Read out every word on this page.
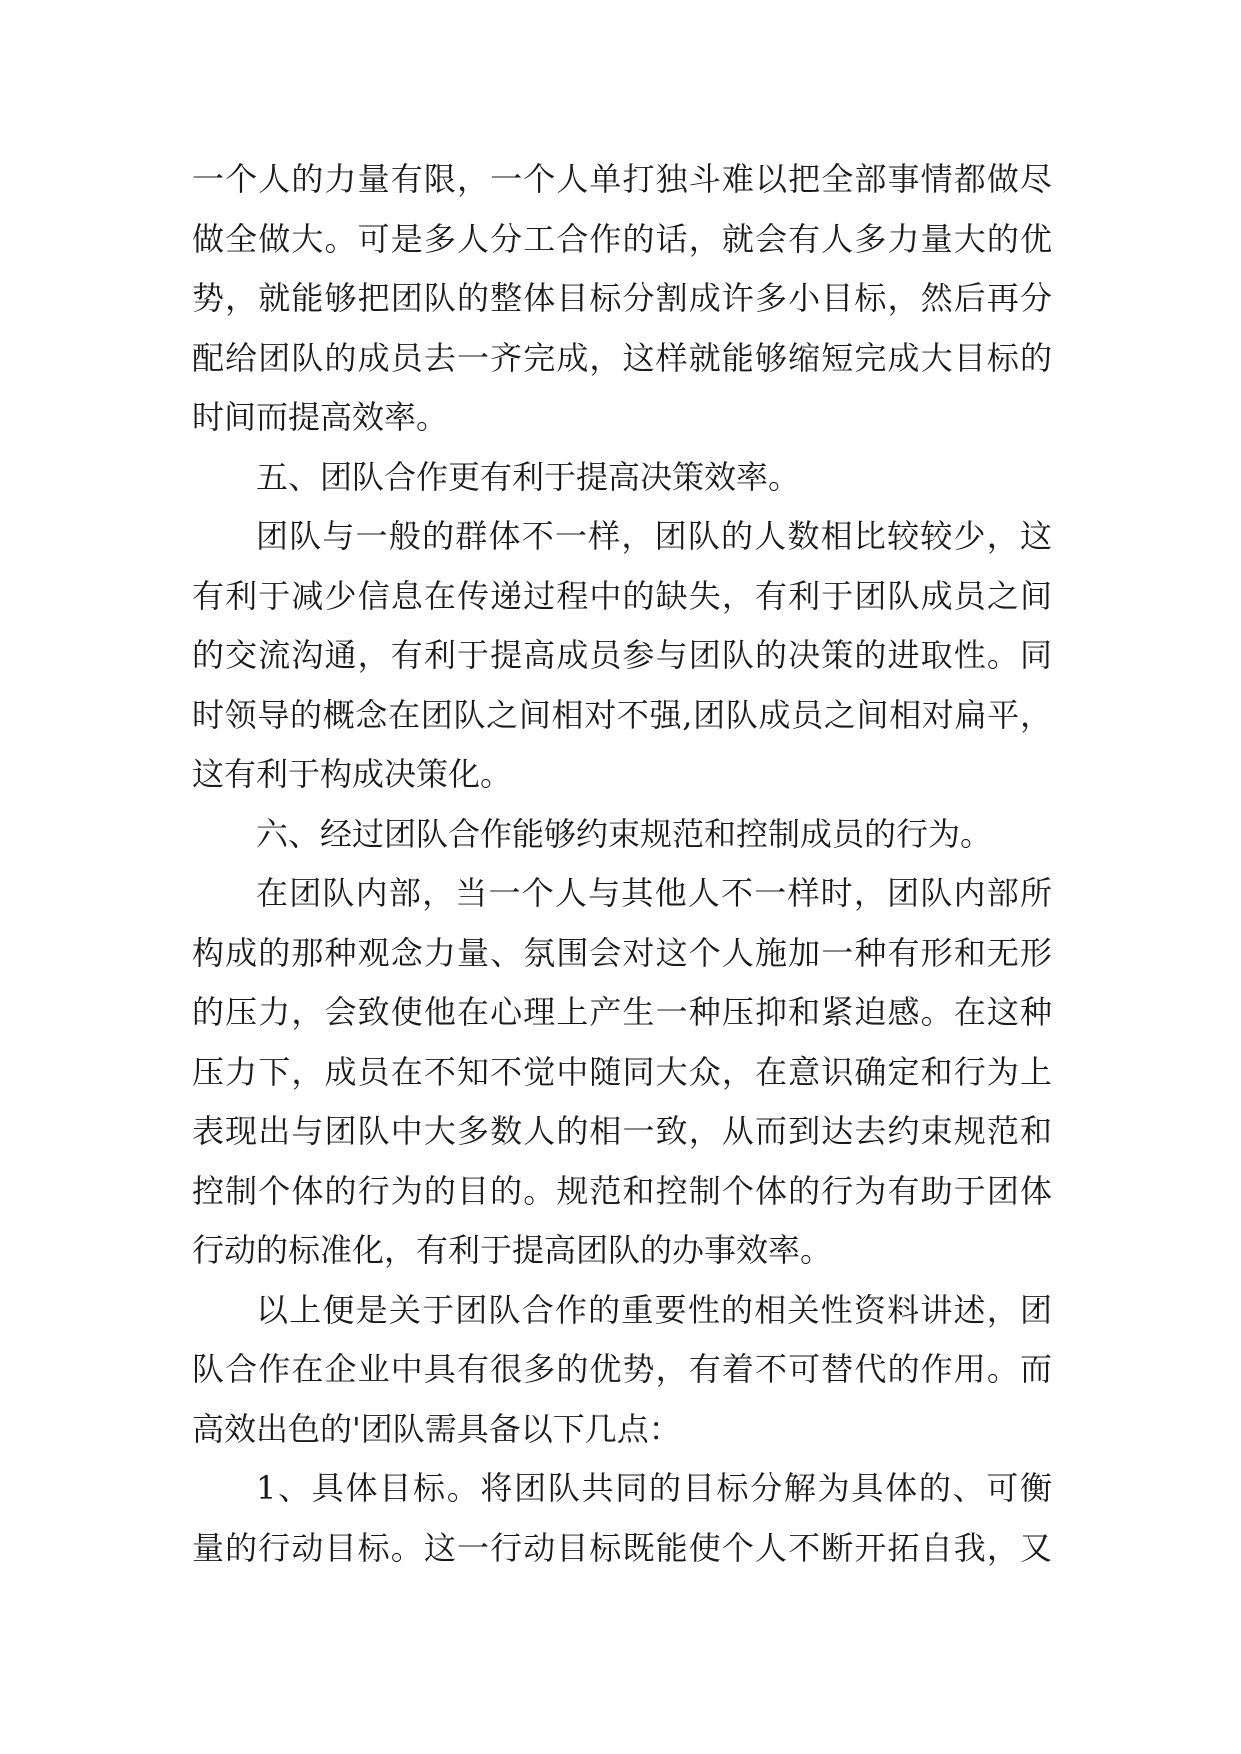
一个人的力量有限，一个人单打独斗难以把全部事情都做尽
做全做大。可是多人分工合作的话，就会有人多力量大的优
势，就能够把团队的整体目标分割成许多小目标，然后再分
配给团队的成员去一齐完成，这样就能够缩短完成大目标的
时间而提高效率。
五、团队合作更有利于提高决策效率。
团队与一般的群体不一样，团队的人数相比较较少，这
有利于减少信息在传递过程中的缺失，有利于团队成员之间
的交流沟通，有利于提高成员参与团队的决策的进取性。同
时领导的概念在团队之间相对不强,团队成员之间相对扁平，
这有利于构成决策化。
六、经过团队合作能够约束规范和控制成员的行为。
在团队内部，当一个人与其他人不一样时，团队内部所
构成的那种观念力量、氛围会对这个人施加一种有形和无形
的压力，会致使他在心理上产生一种压抑和紧迫感。在这种
压力下，成员在不知不觉中随同大众，在意识确定和行为上
表现出与团队中大多数人的相一致，从而到达去约束规范和
控制个体的行为的目的。规范和控制个体的行为有助于团体
行动的标准化，有利于提高团队的办事效率。
以上便是关于团队合作的重要性的相关性资料讲述，团
队合作在企业中具有很多的优势，有着不可替代的作用。而
高效出色的'团队需具备以下几点：
1、具体目标。将团队共同的目标分解为具体的、可衡
量的行动目标。这一行动目标既能使个人不断开拓自我，又
